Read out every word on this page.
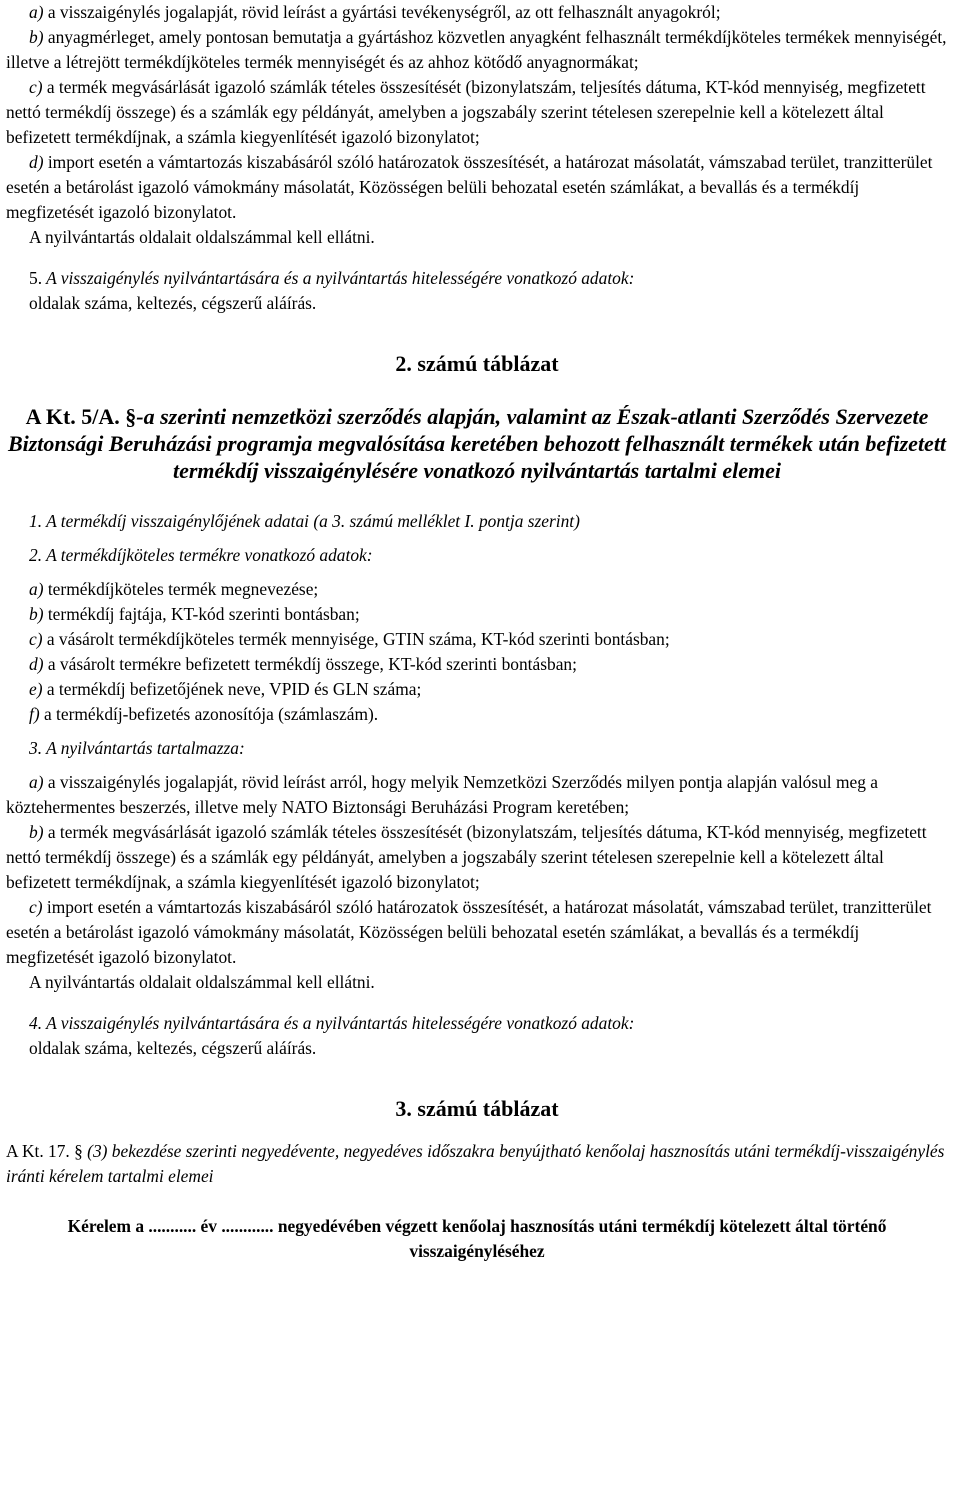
a) a visszaigénylés jogalapját, rövid leírást a gyártási tevékenységről, az ott felhasznált anyagokról;

b) anyagmérleget, amely pontosan bemutatja a gyártáshoz közvetlen anyagként felhasznált termékdíjköteles termékek mennyiségét, illetve a létrejött termékdíjköteles termék mennyiségét és az ahhoz kötődő anyagnormákat;

c) a termék megvásárlását igazoló számlák tételes összesítését (bizonylatszám, teljesítés dátuma, KT-kód mennyiség, megfizetett nettó termékdíj összege) és a számlák egy példányát, amelyben a jogszabály szerint tételesen szerepelnie kell a kötelezett által befizetett termékdíjnak, a számla kiegyenlítését igazoló bizonylatot;

d) import esetén a vámtartozás kiszabásáról szóló határozatok összesítését, a határozat másolatát, vámszabad terület, tranzitterület esetén a betárolást igazoló vámokmány másolatát, Közösségen belüli behozatal esetén számlákat, a bevallás és a termékdíj megfizetését igazoló bizonylatot.

A nyilvántartás oldalait oldalszámmal kell ellátni.

5. A visszaigénylés nyilvántartására és a nyilvántartás hitelességére vonatkozó adatok:

oldalak száma, keltezés, cégszerű aláírás.

2. számú táblázat

A Kt. 5/A. §-a szerinti nemzetközi szerződés alapján, valamint az Észak-atlanti Szerződés Szervezete Biztonsági Beruházási programja megvalósítása keretében behozott felhasznált termékek után befizetett termékdíj visszaigénylésére vonatkozó nyilvántartás tartalmi elemei

1. A termékdíj visszaigénylőjének adatai (a 3. számú melléklet I. pontja szerint)

2. A termékdíjköteles termékre vonatkozó adatok:

a) termékdíjköteles termék megnevezése;

b) termékdíj fajtája, KT-kód szerinti bontásban;

c) a vásárolt termékdíjköteles termék mennyisége, GTIN száma, KT-kód szerinti bontásban;

d) a vásárolt termékre befizetett termékdíj összege, KT-kód szerinti bontásban;

e) a termékdíj befizetőjének neve, VPID és GLN száma;

f) a termékdíj-befizetés azonosítója (számlaszám).

3. A nyilvántartás tartalmazza:

a) a visszaigénylés jogalapját, rövid leírást arról, hogy melyik Nemzetközi Szerződés milyen pontja alapján valósul meg a köztehermentes beszerzés, illetve mely NATO Biztonsági Beruházási Program keretében;

b) a termék megvásárlását igazoló számlák tételes összesítését (bizonylatszám, teljesítés dátuma, KT-kód mennyiség, megfizetett nettó termékdíj összege) és a számlák egy példányát, amelyben a jogszabály szerint tételesen szerepelnie kell a kötelezett által befizetett termékdíjnak, a számla kiegyenlítését igazoló bizonylatot;

c) import esetén a vámtartozás kiszabásáról szóló határozatok összesítését, a határozat másolatát, vámszabad terület, tranzitterület esetén a betárolást igazoló vámokmány másolatát, Közösségen belüli behozatal esetén számlákat, a bevallás és a termékdíj megfizetését igazoló bizonylatot.

A nyilvántartás oldalait oldalszámmal kell ellátni.

4. A visszaigénylés nyilvántartására és a nyilvántartás hitelességére vonatkozó adatok:

oldalak száma, keltezés, cégszerű aláírás.

3. számú táblázat

A Kt. 17. § (3) bekezdése szerinti negyedévente, negyedéves időszakra benyújtható kenőolaj hasznosítás utáni termékdíj-visszaigénylés iránti kérelem tartalmi elemei

Kérelem a ........... év ............ negyedévében végzett kenőolaj hasznosítás utáni termékdíj kötelezett által történő visszaigényléséhez
